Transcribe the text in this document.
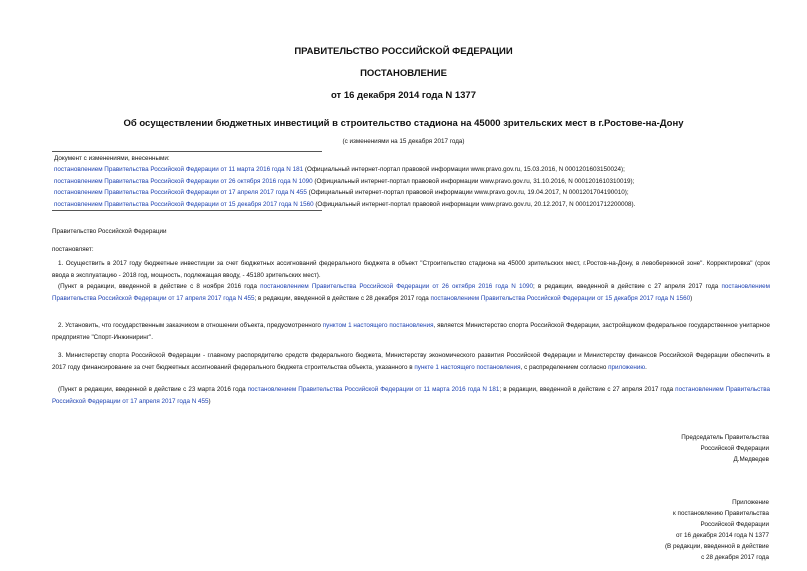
ПРАВИТЕЛЬСТВО РОССИЙСКОЙ ФЕДЕРАЦИИ
ПОСТАНОВЛЕНИЕ
от 16 декабря 2014 года N 1377
Об осуществлении бюджетных инвестиций в строительство стадиона на 45000 зрительских мест в г.Ростове-на-Дону
(с изменениями на 15 декабря 2017 года)
Документ с изменениями, внесенными:
постановлением Правительства Российской Федерации от 11 марта 2016 года N 181 (Официальный интернет-портал правовой информации www.pravo.gov.ru, 15.03.2016, N 0001201603150024);
постановлением Правительства Российской Федерации от 26 октября 2016 года N 1090 (Официальный интернет-портал правовой информации www.pravo.gov.ru, 31.10.2016, N 0001201610310019);
постановлением Правительства Российской Федерации от 17 апреля 2017 года N 455 (Официальный интернет-портал правовой информации www.pravo.gov.ru, 19.04.2017, N 0001201704190010);
постановлением Правительства Российской Федерации от 15 декабря 2017 года N 1560 (Официальный интернет-портал правовой информации www.pravo.gov.ru, 20.12.2017, N 0001201712200008).
Правительство Российской Федерации
постановляет:
1. Осуществить в 2017 году бюджетные инвестиции за счет бюджетных ассигнований федерального бюджета в объект "Строительство стадиона на 45000 зрительских мест, г.Ростов-на-Дону, в левобережной зоне". Корректировка" (срок ввода в эксплуатацию - 2018 год, мощность, подлежащая вводу, - 45180 зрительских мест).
(Пункт в редакции, введенной в действие с 8 ноября 2016 года постановлением Правительства Российской Федерации от 26 октября 2016 года N 1090; в редакции, введенной в действие с 27 апреля 2017 года постановлением Правительства Российской Федерации от 17 апреля 2017 года N 455; в редакции, введенной в действие с 28 декабря 2017 года постановлением Правительства Российской Федерации от 15 декабря 2017 года N 1560)
2. Установить, что государственным заказчиком в отношении объекта, предусмотренного пунктом 1 настоящего постановления, является Министерство спорта Российской Федерации, застройщиком федеральное государственное унитарное предприятие "Спорт-Инжиниринг".
3. Министерству спорта Российской Федерации - главному распорядителю средств федерального бюджета, Министерству экономического развития Российской Федерации и Министерству финансов Российской Федерации обеспечить в 2017 году финансирование за счет бюджетных ассигнований федерального бюджета строительства объекта, указанного в пункте 1 настоящего постановления, с распределением согласно приложению.
(Пункт в редакции, введенной в действие с 23 марта 2016 года постановлением Правительства Российской Федерации от 11 марта 2016 года N 181; в редакции, введенной в действие с 27 апреля 2017 года постановлением Правительства Российской Федерации от 17 апреля 2017 года N 455)
Председатель Правительства
Российской Федерации
Д.Медведев
Приложение
к постановлению Правительства
Российской Федерации
от 16 декабря 2014 года N 1377
(В редакции, введенной в действие
с 28 декабря 2017 года
